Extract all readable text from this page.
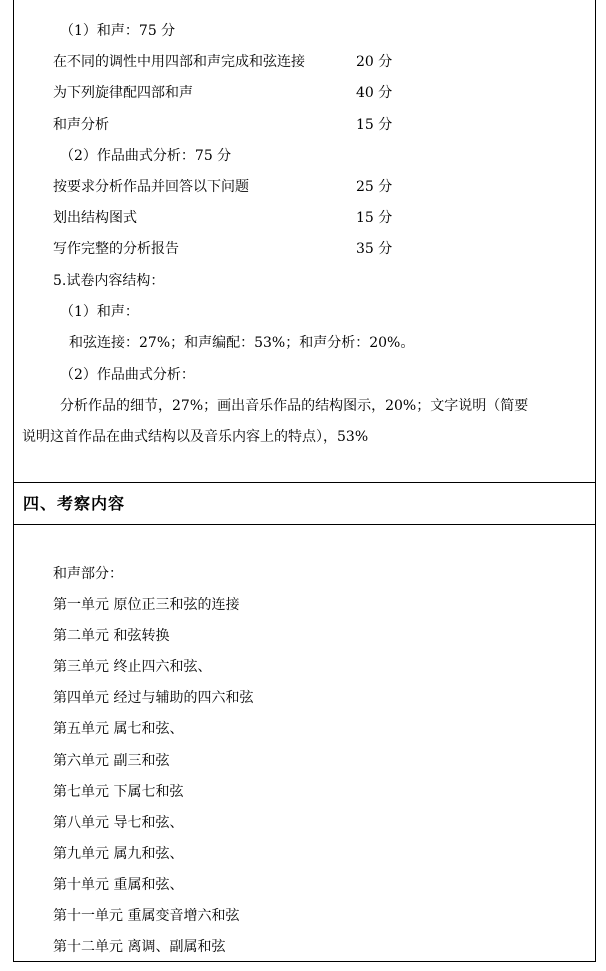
（1）和声：75 分
在不同的调性中用四部和声完成和弦连接	20 分
为下列旋律配四部和声	40 分
和声分析	15 分
（2）作品曲式分析：75 分
按要求分析作品并回答以下问题	25 分
划出结构图式	15 分
写作完整的分析报告	35 分
5.试卷内容结构：
（1）和声：
和弦连接：27%；和声编配：53%；和声分析：20%。
（2）作品曲式分析：
分析作品的细节，27%；画出音乐作品的结构图示，20%；文字说明（简要
说明这首作品在曲式结构以及音乐内容上的特点），53%
四、考察内容
和声部分：
第一单元 原位正三和弦的连接
第二单元 和弦转换
第三单元 终止四六和弦、
第四单元 经过与辅助的四六和弦
第五单元 属七和弦、
第六单元 副三和弦
第七单元 下属七和弦
第八单元 导七和弦、
第九单元 属九和弦、
第十单元 重属和弦、
第十一单元 重属变音增六和弦
第十二单元 离调、副属和弦
